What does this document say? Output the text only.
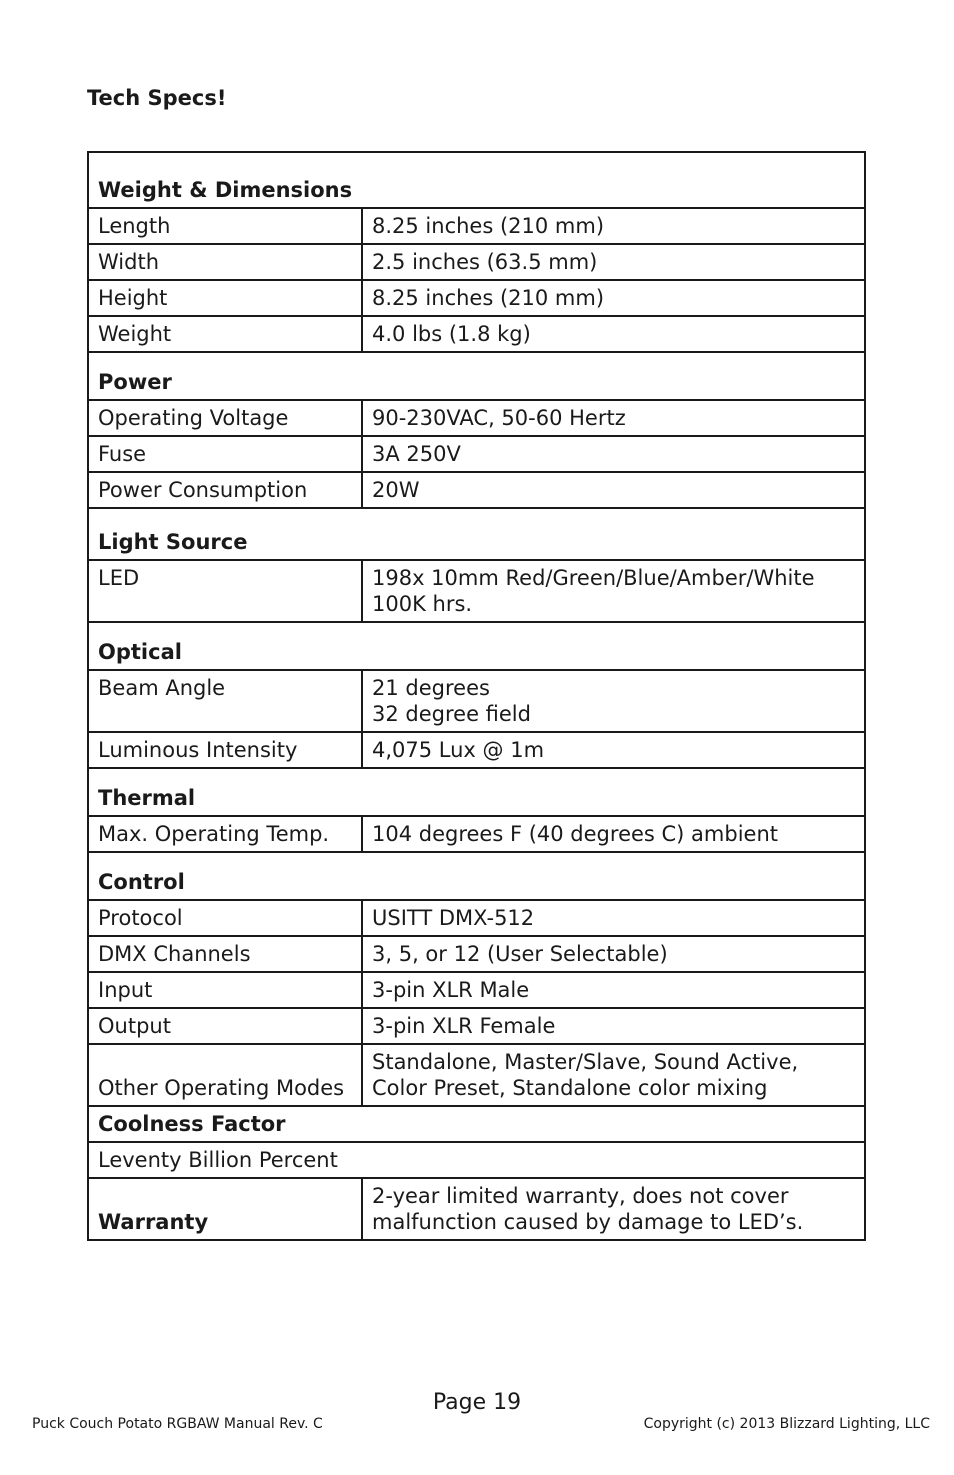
Tech Specs!
Weight & Dimensions	
Length	8.25 inches (210 mm)
Width	2.5 inches (63.5 mm)
Height	8.25 inches (210 mm)
Weight	4.0 lbs (1.8 kg)
Power	
Operating Voltage	90-230VAC, 50-60 Hertz
Fuse	3A 250V
Power Consumption	20W
Light Source	
LED	198x 10mm Red/Green/Blue/Amber/White
100K hrs.
Optical	
Beam Angle	21 degrees
32 degree field
Luminous Intensity	4,075 Lux @ 1m
Thermal	
Max. Operating Temp.	104 degrees F (40 degrees C) ambient
Control	
Protocol	USITT DMX-512
DMX Channels	3, 5, or 12 (User Selectable)
Input	3-pin XLR Male
Output	3-pin XLR Female
Other Operating Modes	Standalone, Master/Slave, Sound Active,
Color Preset, Standalone color mixing
Coolness Factor	
Leventy Billion Percent	
Warranty	2-year limited warranty, does not cover
malfunction caused by damage to LED’s.
Page 19
Puck Couch Potato RGBAW Manual Rev. C	Copyright (c) 2013 Blizzard Lighting, LLC
